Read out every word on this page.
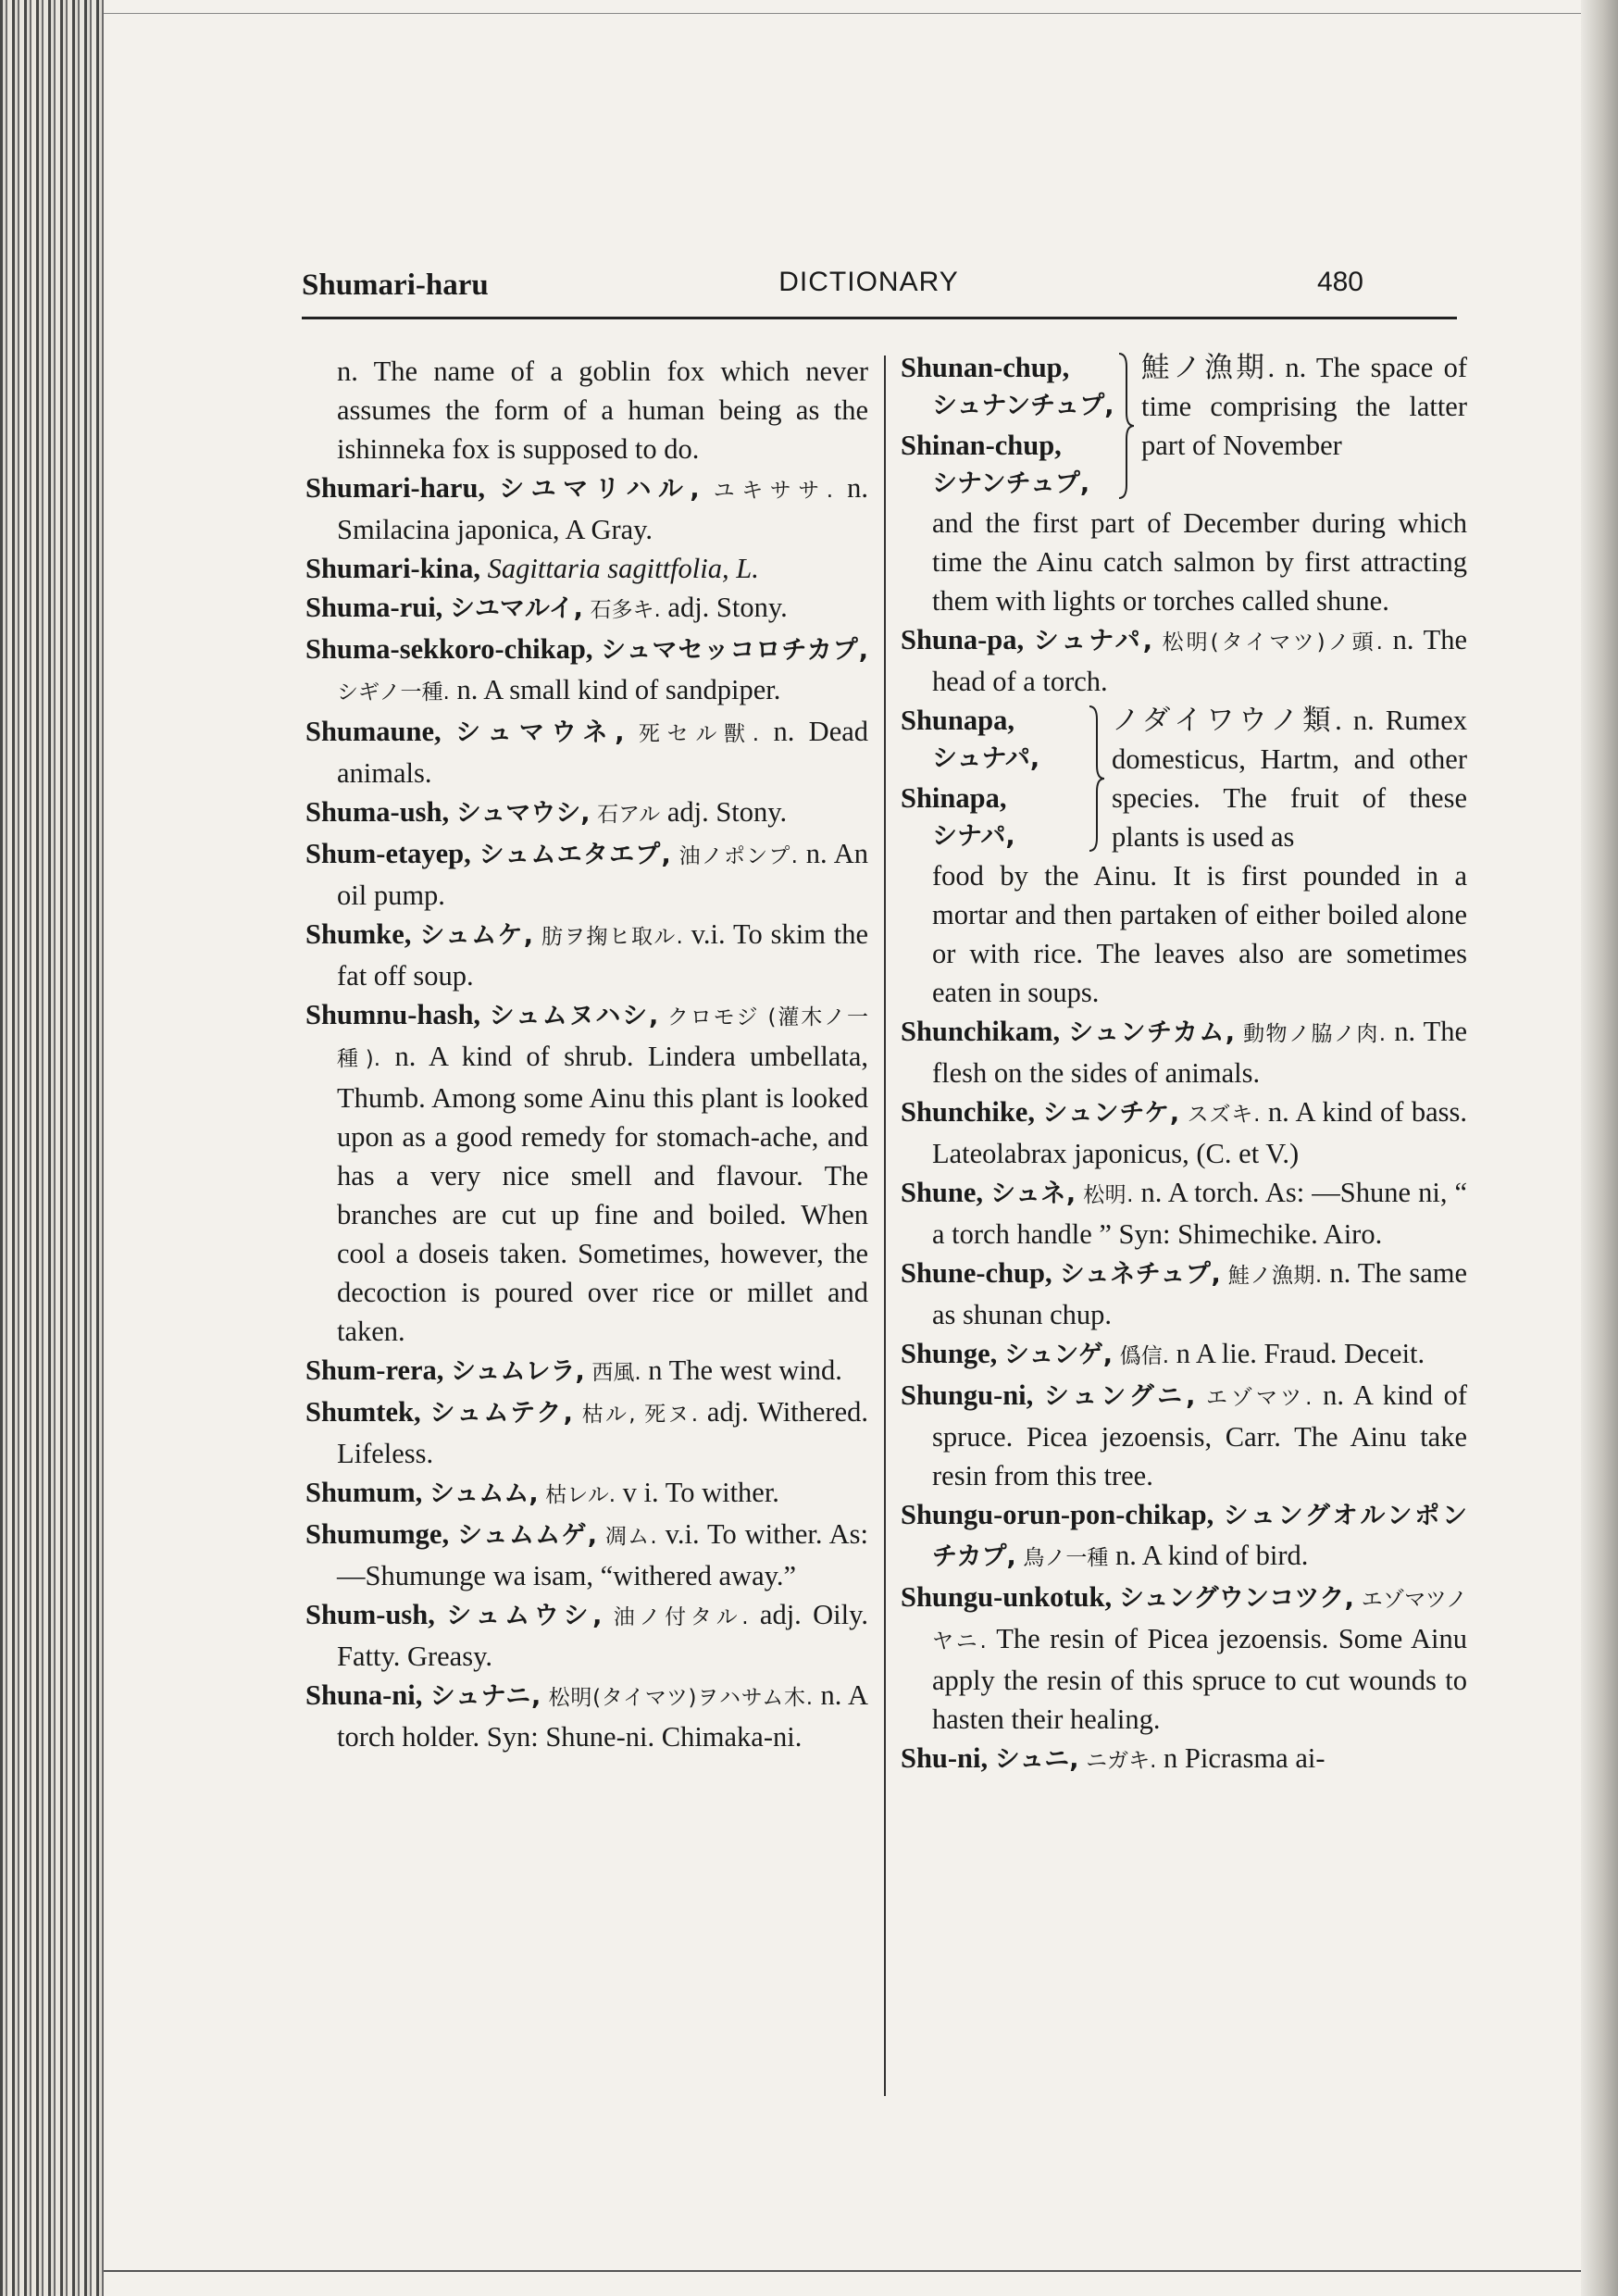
Shumari-haru	DICTIONARY	480

n. The name of a goblin fox which never assumes the form of a human being as the ishinneka fox is supposed to do.

Shumari-haru, シユマリハル, ユキササ. n. Smilacina japonica, A Gray.

Shumari-kina, Sagittaria sagittfolia, L.

Shuma-rui, シユマルイ, 石多キ. adj. Stony.

Shuma-sekkoro-chikap, シュマセッコロチカプ, シギノ一種. n. A small kind of sandpiper.

Shumaune, シュマウネ, 死セル獸. n. Dead animals.

Shuma-ush, シュマウシ, 石アル adj. Stony.

Shum-etayep, シュムエタエプ, 油ノポンプ. n. An oil pump.

Shumke, シュムケ, 肪ヲ掬ヒ取ル. v.i. To skim the fat off soup.

Shumnu-hash, シュムヌハシ, クロモジ (灌木ノ一種). n. A kind of shrub. Lindera umbellata, Thumb. Among some Ainu this plant is looked upon as a good remedy for stomach-ache, and has a very nice smell and flavour. The branches are cut up fine and boiled. When cool a doseis taken. Sometimes, however, the decoction is poured over rice or millet and taken.

Shum-rera, シュムレラ, 西風. n The west wind.

Shumtek, シュムテク, 枯ル, 死ヌ. adj. Withered. Lifeless.

Shumum, シュムム, 枯レル. v i. To wither.

Shumumge, シュムムゲ, 凋ム. v.i. To wither. As:—Shumunge wa isam, “withered away.”

Shum-ush, シュムウシ, 油ノ付タル. adj. Oily. Fatty. Greasy.

Shuna-ni, シュナニ, 松明(タイマツ)ヲハサム木. n. A torch holder. Syn: Shune-ni. Chimaka-ni.

Shunan-chup,
シュナンチュプ,
Shinan-chup,
シナンチュプ,
鮭ノ漁期. n. The space of time comprising the latter part of November

and the first part of December during which time the Ainu catch salmon by first attracting them with lights or torches called shune.

Shuna-pa, シュナパ, 松明(タイマツ)ノ頭. n. The head of a torch.

Shunapa,
シュナパ,
Shinapa,
シナパ,
ノダイワウノ類. n. Rumex domesticus, Hartm, and other species. The fruit of these plants is used as

food by the Ainu. It is first pounded in a mortar and then partaken of either boiled alone or with rice. The leaves also are sometimes eaten in soups.

Shunchikam, シュンチカム, 動物ノ脇ノ肉. n. The flesh on the sides of animals.

Shunchike, シュンチケ, スズキ. n. A kind of bass. Lateolabrax japonicus, (C. et V.)

Shune, シュネ, 松明. n. A torch. As: —Shune ni, “ a torch handle ” Syn: Shimechike. Airo.

Shune-chup, シュネチュプ, 鮭ノ漁期. n. The same as shunan chup.

Shunge, シュンゲ, 僞信. n A lie. Fraud. Deceit.

Shungu-ni, シュングニ, エゾマツ. n. A kind of spruce. Picea jezoensis, Carr. The Ainu take resin from this tree.

Shungu-orun-pon-chikap, シュングオルンポンチカプ, 鳥ノ一種 n. A kind of bird.

Shungu-unkotuk, シュングウンコツク, エゾマツノヤニ. The resin of Picea jezoensis. Some Ainu apply the resin of this spruce to cut wounds to hasten their healing.

Shu-ni, シュニ, ニガキ. n Picrasma ai-
